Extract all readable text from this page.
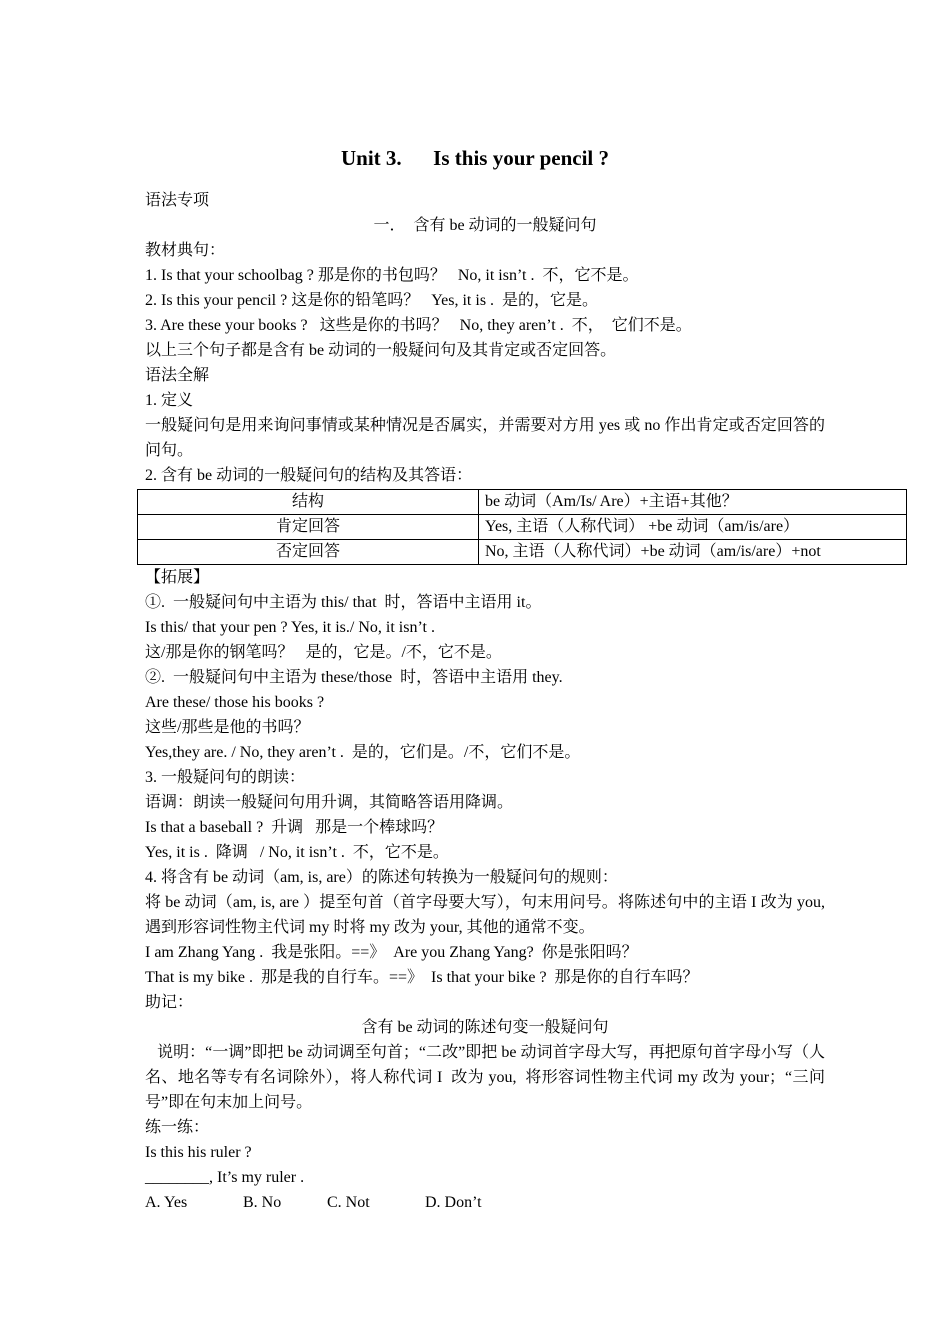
Unit 3.      Is this your pencil ?
语法专项
一．  含有 be 动词的一般疑问句
教材典句：
1. Is that your schoolbag ? 那是你的书包吗？   No, it isn’t .  不，它不是。
2. Is this your pencil ? 这是你的铅笔吗？   Yes, it is .  是的，它是。
3. Are these your books ?   这些是你的书吗？   No, they aren’t .  不，  它们不是。
以上三个句子都是含有 be 动词的一般疑问句及其肯定或否定回答。
语法全解
1. 定义
一般疑问句是用来询问事情或某种情况是否属实，并需要对方用 yes 或 no 作出肯定或否定回答的问句。
2. 含有 be 动词的一般疑问句的结构及其答语：
结构	be 动词（Am/Is/ Are）+主语+其他？
肯定回答	Yes, 主语（人称代词） +be 动词（am/is/are）
否定回答	No, 主语（人称代词）+be 动词（am/is/are）+not
【拓展】
①.  一般疑问句中主语为 this/ that  时，答语中主语用 it。
Is this/ that your pen ? Yes, it is./ No, it isn’t .
这/那是你的钢笔吗？   是的，它是。/不，它不是。
②.  一般疑问句中主语为 these/those  时，答语中主语用 they.
Are these/ those his books ?
这些/那些是他的书吗？
Yes,they are. / No, they aren’t .  是的，它们是。/不，它们不是。
3. 一般疑问句的朗读：
语调：朗读一般疑问句用升调，其简略答语用降调。
Is that a baseball ?  升调   那是一个棒球吗？
Yes, it is .  降调   / No, it isn’t .  不，它不是。
4. 将含有 be 动词（am, is, are）的陈述句转换为一般疑问句的规则：
将 be 动词（am, is, are ）提至句首（首字母要大写），句末用问号。将陈述句中的主语 I 改为 you, 遇到形容词性物主代词 my 时将 my 改为 your, 其他的通常不变。
I am Zhang Yang .  我是张阳。==》  Are you Zhang Yang?  你是张阳吗？
That is my bike .  那是我的自行车。==》  Is that your bike ?  那是你的自行车吗？
助记：
含有 be 动词的陈述句变一般疑问句
说明：“一调”即把 be 动词调至句首；“二改”即把 be 动词首字母大写，再把原句首字母小写（人名、地名等专有名词除外），将人称代词 I  改为 you,  将形容词性物主代词 my 改为 your；“三问号”即在句末加上问号。
练一练：
Is this his ruler ?
________, It’s my ruler .
A. Yes	B. No	C. Not	D. Don’t
